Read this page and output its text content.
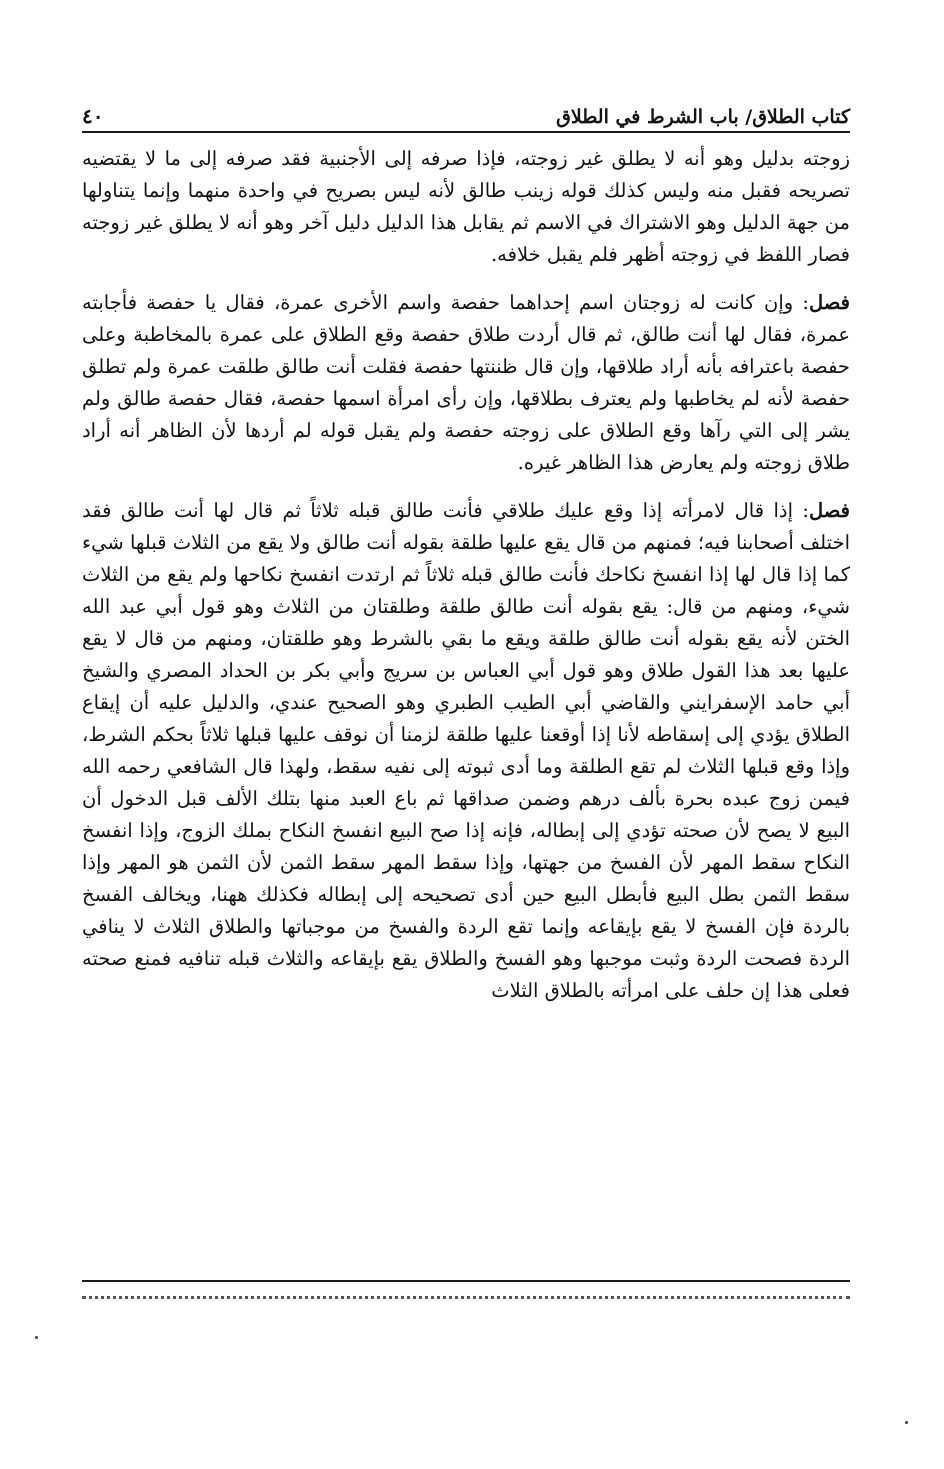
كتاب الطلاق/ باب الشرط في الطلاق
٤٠

زوجته بدليل وهو أنه لا يطلق غير زوجته، فإذا صرفه إلى الأجنبية فقد صرفه إلى ما لا يقتضيه تصريحه فقبل منه وليس كذلك قوله زينب طالق لأنه ليس بصريح في واحدة منهما وإنما يتناولها من جهة الدليل وهو الاشتراك في الاسم ثم يقابل هذا الدليل دليل آخر وهو أنه لا يطلق غير زوجته فصار اللفظ في زوجته أظهر فلم يقبل خلافه.

فصل: وإن كانت له زوجتان اسم إحداهما حفصة واسم الأخرى عمرة، فقال يا حفصة فأجابته عمرة، فقال لها أنت طالق، ثم قال أردت طلاق حفصة وقع الطلاق على عمرة بالمخاطبة وعلى حفصة باعترافه بأنه أراد طلاقها، وإن قال ظننتها حفصة فقلت أنت طالق طلقت عمرة ولم تطلق حفصة لأنه لم يخاطبها ولم يعترف بطلاقها، وإن رأى امرأة اسمها حفصة، فقال حفصة طالق ولم يشر إلى التي رآها وقع الطلاق على زوجته حفصة ولم يقبل قوله لم أردها لأن الظاهر أنه أراد طلاق زوجته ولم يعارض هذا الظاهر غيره.

فصل: إذا قال لامرأته إذا وقع عليك طلاقي فأنت طالق قبله ثلاثاً ثم قال لها أنت طالق فقد اختلف أصحابنا فيه؛ فمنهم من قال يقع عليها طلقة بقوله أنت طالق ولا يقع من الثلاث قبلها شيء كما إذا قال لها إذا انفسخ نكاحك فأنت طالق قبله ثلاثاً ثم ارتدت انفسخ نكاحها ولم يقع من الثلاث شيء، ومنهم من قال: يقع بقوله أنت طالق طلقة وطلقتان من الثلاث وهو قول أبي عبد الله الختن لأنه يقع بقوله أنت طالق طلقة ويقع ما بقي بالشرط وهو طلقتان، ومنهم من قال لا يقع عليها بعد هذا القول طلاق وهو قول أبي العباس بن سريج وأبي بكر بن الحداد المصري والشيخ أبي حامد الإسفرايني والقاضي أبي الطيب الطبري وهو الصحيح عندي، والدليل عليه أن إيقاع الطلاق يؤدي إلى إسقاطه لأنا إذا أوقعنا عليها طلقة لزمنا أن نوقف عليها قبلها ثلاثاً بحكم الشرط، وإذا وقع قبلها الثلاث لم تقع الطلقة وما أدى ثبوته إلى نفيه سقط، ولهذا قال الشافعي رحمه الله فيمن زوج عبده بحرة بألف درهم وضمن صداقها ثم باع العبد منها بتلك الألف قبل الدخول أن البيع لا يصح لأن صحته تؤدي إلى إبطاله، فإنه إذا صح البيع انفسخ النكاح بملك الزوج، وإذا انفسخ النكاح سقط المهر لأن الفسخ من جهتها، وإذا سقط المهر سقط الثمن لأن الثمن هو المهر وإذا سقط الثمن بطل البيع فأبطل البيع حين أدى تصحيحه إلى إبطاله فكذلك ههنا، ويخالف الفسخ بالردة فإن الفسخ لا يقع بإيقاعه وإنما تقع الردة والفسخ من موجباتها والطلاق الثلاث لا ينافي الردة فصحت الردة وثبت موجبها وهو الفسخ والطلاق يقع بإيقاعه والثلاث قبله تنافيه فمنع صحته فعلى هذا إن حلف على امرأته بالطلاق الثلاث
